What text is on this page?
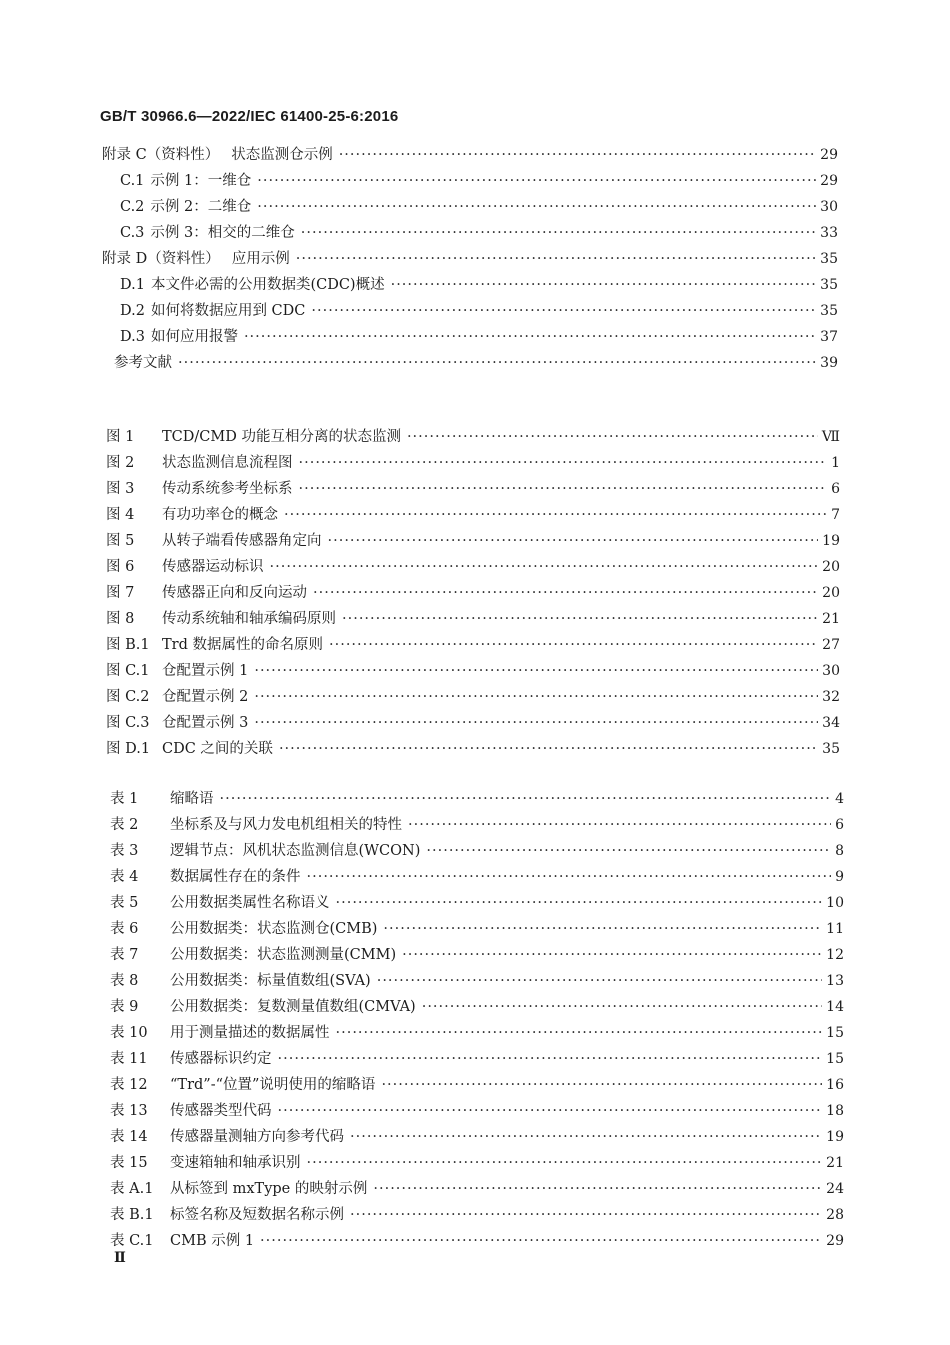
GB/T 30966.6—2022/IEC 61400-25-6:2016
附录 C（资料性） 状态监测仓示例 ·····	29
C.1 示例 1：一维仓 ·····	29
C.2 示例 2：二维仓 ·····	30
C.3 示例 3：相交的二维仓 ·····	33
附录 D（资料性） 应用示例 ·····	35
D.1 本文件必需的公用数据类(CDC)概述 ·····	35
D.2 如何将数据应用到 CDC ·····	35
D.3 如何应用报警 ·····	37
参考文献 ·····	39
图 1	TCD/CMD 功能互相分离的状态监测 ·····	Ⅶ
图 2	状态监测信息流程图 ·····	1
图 3	传动系统参考坐标系 ·····	6
图 4	有功功率仓的概念 ·····	7
图 5	从转子端看传感器角定向 ·····	19
图 6	传感器运动标识 ·····	20
图 7	传感器正向和反向运动 ·····	20
图 8	传动系统轴和轴承编码原则 ·····	21
图 B.1 Trd 数据属性的命名原则 ·····	27
图 C.1 仓配置示例 1 ·····	30
图 C.2 仓配置示例 2 ·····	32
图 C.3 仓配置示例 3 ·····	34
图 D.1 CDC 之间的关联 ·····	35
表 1	缩略语 ·····	4
表 2	坐标系及与风力发电机组相关的特性 ·····	6
表 3	逻辑节点：风机状态监测信息(WCON) ·····	8
表 4	数据属性存在的条件 ·····	9
表 5	公用数据类属性名称语义 ·····	10
表 6	公用数据类：状态监测仓(CMB) ·····	11
表 7	公用数据类：状态监测测量(CMM) ·····	12
表 8	公用数据类：标量值数组(SVA) ·····	13
表 9	公用数据类：复数测量值数组(CMVA) ·····	14
表 10	用于测量描述的数据属性 ·····	15
表 11	传感器标识约定 ·····	15
表 12	“Trd”-“位置”说明使用的缩略语 ·····	16
表 13	传感器类型代码 ·····	18
表 14	传感器量测轴方向参考代码 ·····	19
表 15	变速箱轴和轴承识别 ·····	21
表 A.1 从标签到 mxType 的映射示例 ·····	24
表 B.1 标签名称及短数据名称示例 ·····	28
表 C.1 CMB 示例 1 ·····	29
Ⅱ
